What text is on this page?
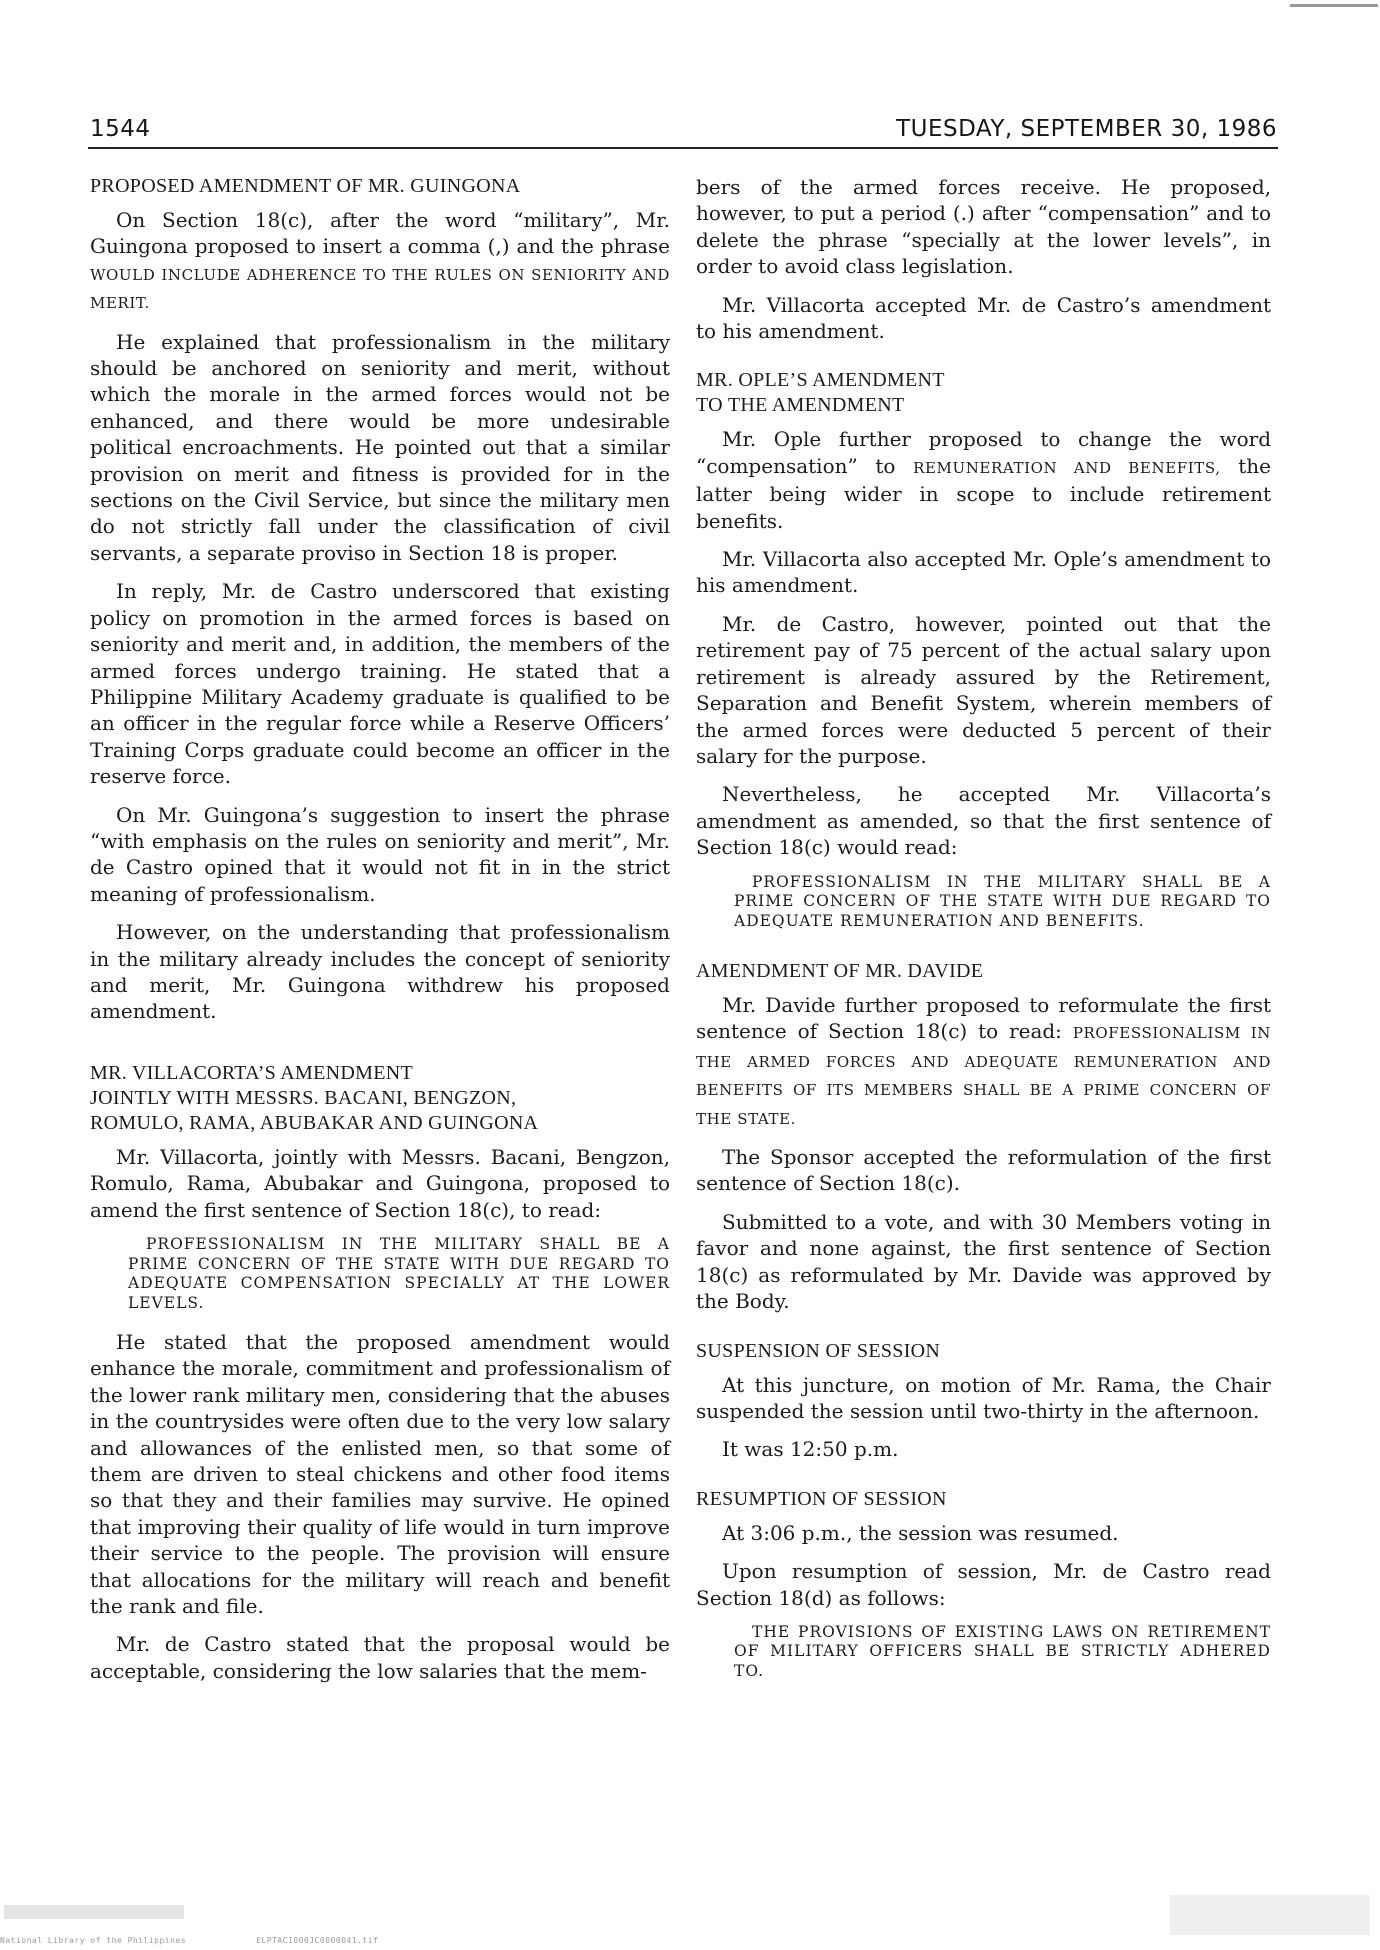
1544	TUESDAY, SEPTEMBER 30, 1986
PROPOSED AMENDMENT OF MR. GUINGONA

On Section 18(c), after the word “military”, Mr. Guingona proposed to insert a comma (,) and the phrase WOULD INCLUDE ADHERENCE TO THE RULES ON SENIORITY AND MERIT.

He explained that professionalism in the military should be anchored on seniority and merit, without which the morale in the armed forces would not be enhanced, and there would be more undesirable political encroachments. He pointed out that a similar provision on merit and fitness is provided for in the sections on the Civil Service, but since the military men do not strictly fall under the classification of civil servants, a separate proviso in Section 18 is proper.

In reply, Mr. de Castro underscored that existing policy on promotion in the armed forces is based on seniority and merit and, in addition, the members of the armed forces undergo training. He stated that a Philippine Military Academy graduate is qualified to be an officer in the regular force while a Reserve Officers’ Training Corps graduate could become an officer in the reserve force.

On Mr. Guingona’s suggestion to insert the phrase “with emphasis on the rules on seniority and merit”, Mr. de Castro opined that it would not fit in in the strict meaning of professionalism.

However, on the understanding that professionalism in the military already includes the concept of seniority and merit, Mr. Guingona withdrew his proposed amendment.

MR. VILLACORTA’S AMENDMENT
JOINTLY WITH MESSRS. BACANI, BENGZON,
ROMULO, RAMA, ABUBAKAR AND GUINGONA

Mr. Villacorta, jointly with Messrs. Bacani, Bengzon, Romulo, Rama, Abubakar and Guingona, proposed to amend the first sentence of Section 18(c), to read:

PROFESSIONALISM IN THE MILITARY SHALL BE A PRIME CONCERN OF THE STATE WITH DUE REGARD TO ADEQUATE COMPENSATION SPECIALLY AT THE LOWER LEVELS.

He stated that the proposed amendment would enhance the morale, commitment and professionalism of the lower rank military men, considering that the abuses in the countrysides were often due to the very low salary and allowances of the enlisted men, so that some of them are driven to steal chickens and other food items so that they and their families may survive. He opined that improving their quality of life would in turn improve their service to the people. The provision will ensure that allocations for the military will reach and benefit the rank and file.

Mr. de Castro stated that the proposal would be acceptable, considering the low salaries that the mem-

bers of the armed forces receive. He proposed, however, to put a period (.) after “compensation” and to delete the phrase “specially at the lower levels”, in order to avoid class legislation.

Mr. Villacorta accepted Mr. de Castro’s amendment to his amendment.

MR. OPLE’S AMENDMENT
TO THE AMENDMENT

Mr. Ople further proposed to change the word “compensation” to REMUNERATION AND BENEFITS, the latter being wider in scope to include retirement benefits.

Mr. Villacorta also accepted Mr. Ople’s amendment to his amendment.

Mr. de Castro, however, pointed out that the retirement pay of 75 percent of the actual salary upon retirement is already assured by the Retirement, Separation and Benefit System, wherein members of the armed forces were deducted 5 percent of their salary for the purpose.

Nevertheless, he accepted Mr. Villacorta’s amendment as amended, so that the first sentence of Section 18(c) would read:

PROFESSIONALISM IN THE MILITARY SHALL BE A PRIME CONCERN OF THE STATE WITH DUE REGARD TO ADEQUATE REMUNERATION AND BENEFITS.
AMENDMENT OF MR. DAVIDE

Mr. Davide further proposed to reformulate the first sentence of Section 18(c) to read: PROFESSIONALISM IN THE ARMED FORCES AND ADEQUATE REMUNERATION AND BENEFITS OF ITS MEMBERS SHALL BE A PRIME CONCERN OF THE STATE.

The Sponsor accepted the reformulation of the first sentence of Section 18(c).

Submitted to a vote, and with 30 Members voting in favor and none against, the first sentence of Section 18(c) as reformulated by Mr. Davide was approved by the Body.

SUSPENSION OF SESSION

At this juncture, on motion of Mr. Rama, the Chair suspended the session until two-thirty in the afternoon.

It was 12:50 p.m.

RESUMPTION OF SESSION

At 3:06 p.m., the session was resumed.

Upon resumption of session, Mr. de Castro read Section 18(d) as follows:

THE PROVISIONS OF EXISTING LAWS ON RETIREMENT OF MILITARY OFFICERS SHALL BE STRICTLY ADHERED TO.
National Library of the Philippines	ELPTAC1000JC0000041.tif
